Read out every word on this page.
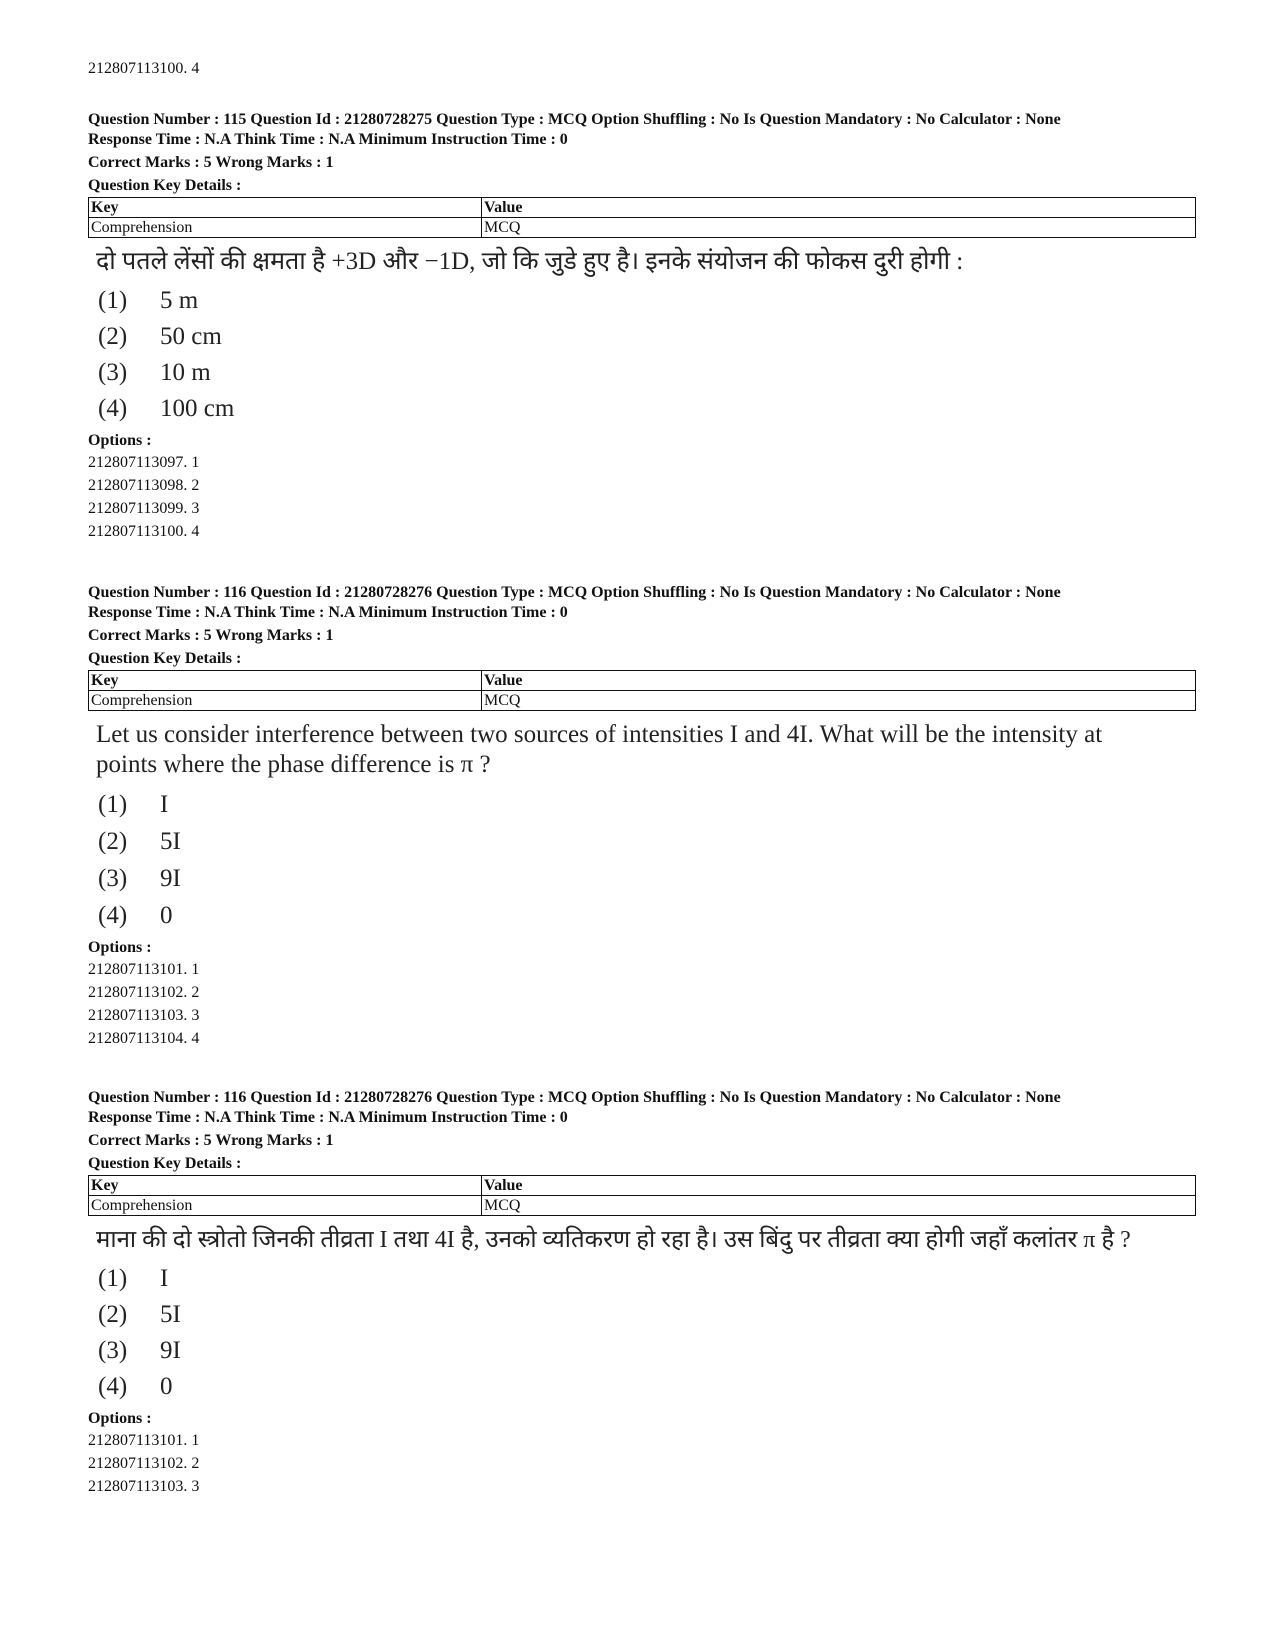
212807113100. 4
Question Number : 115 Question Id : 21280728275 Question Type : MCQ Option Shuffling : No Is Question Mandatory : No Calculator : None
Response Time : N.A Think Time : N.A Minimum Instruction Time : 0
Correct Marks : 5 Wrong Marks : 1
Question Key Details :
Key	Value
Comprehension	MCQ
दो पतले लेंसों की क्षमता है +3D और −1D, जो कि जुडे हुए है। इनके संयोजन की फोकस दुरी होगी :
(1) 5 m
(2) 50 cm
(3) 10 m
(4) 100 cm
Options :
212807113097. 1
212807113098. 2
212807113099. 3
212807113100. 4
Question Number : 116 Question Id : 21280728276 Question Type : MCQ Option Shuffling : No Is Question Mandatory : No Calculator : None
Response Time : N.A Think Time : N.A Minimum Instruction Time : 0
Correct Marks : 5 Wrong Marks : 1
Question Key Details :
Key	Value
Comprehension	MCQ
Let us consider interference between two sources of intensities I and 4I. What will be the intensity at points where the phase difference is π ?
(1) I
(2) 5I
(3) 9I
(4) 0
Options :
212807113101. 1
212807113102. 2
212807113103. 3
212807113104. 4
Question Number : 116 Question Id : 21280728276 Question Type : MCQ Option Shuffling : No Is Question Mandatory : No Calculator : None
Response Time : N.A Think Time : N.A Minimum Instruction Time : 0
Correct Marks : 5 Wrong Marks : 1
Question Key Details :
Key	Value
Comprehension	MCQ
माना की दो स्त्रोतो जिनकी तीव्रता I तथा 4I है, उनको व्यतिकरण हो रहा है। उस बिंदु पर तीव्रता क्या होगी जहाँ कलांतर π है ?
(1) I
(2) 5I
(3) 9I
(4) 0
Options :
212807113101. 1
212807113102. 2
212807113103. 3
